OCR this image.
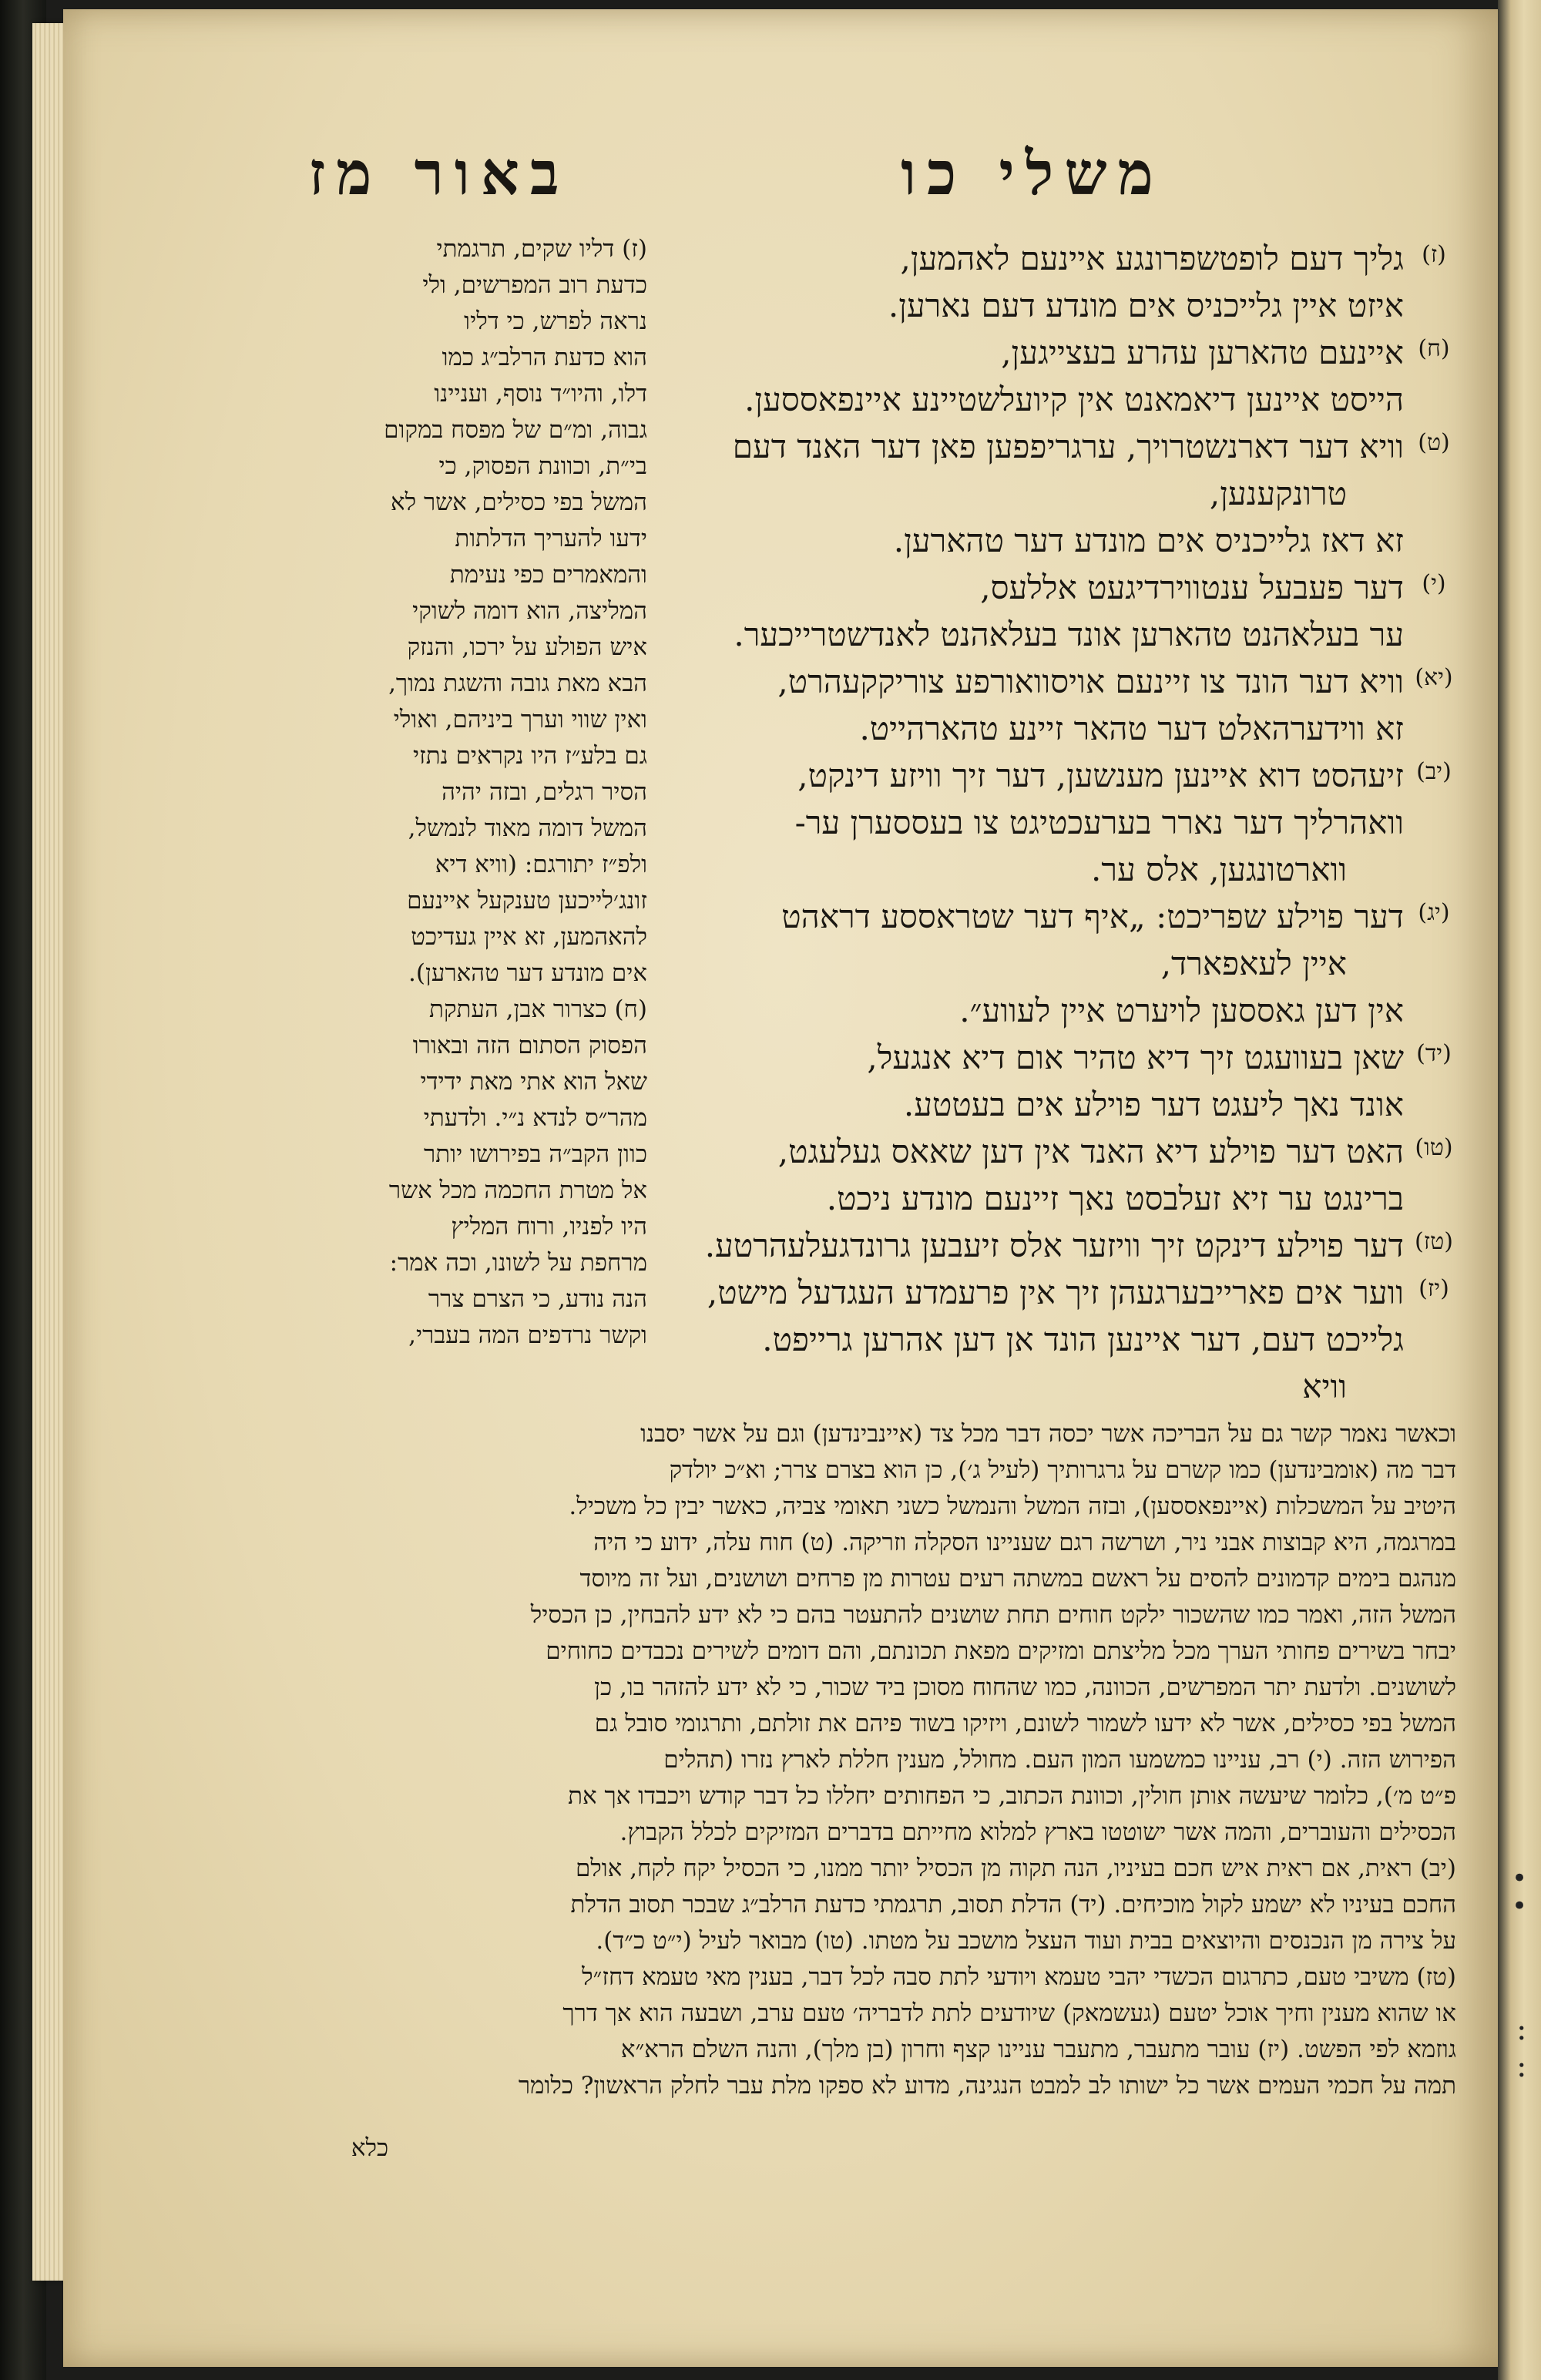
• •
: :
משלי כו
באור מז
(ז)
גליך דעם לופטשפרונגע איינעם לאהמען,
איזט איין גלייכניס אים מונדע דעם נארען.
(ח)
איינעם טהארען עהרע בעצייגען,
הייסט איינען דיאמאנט אין קיועלשטיינע איינפאססען.
(ט)
וויא דער דארנשטרויך, ערגריפפען פאן דער האנד דעם
טרונקענען,
זא דאז גלייכניס אים מונדע דער טהארען.
(י)
דער פעבעל ענטווירדיגעט אללעס,
ער בעלאהנט טהארען אונד בעלאהנט לאנדשטרייכער.
(יא)
וויא דער הונד צו זיינעם אויסוואורפע צוריקקעהרט,
זא ווידערהאלט דער טהאר זיינע טהארהייט.
(יב)
זיעהסט דוא איינען מענשען, דער זיך וויזע דינקט,
וואהרליך דער נארר בערעכטיגט צו בעססערן ער-
ווארטונגען, אלס ער.
(יג)
דער פוילע שפריכט: „איף דער שטראססע דראהט
איין לעאפארד,
אין דען גאססען לויערט איין לעווע״.
(יד)
שאן בעוועגט זיך דיא טהיר אום דיא אנגעל,
אונד נאך ליעגט דער פוילע אים בעטטע.
(טו)
האט דער פוילע דיא האנד אין דען שאאס געלעגט,
ברינגט ער זיא זעלבסט נאך זיינעם מונדע ניכט.
(טז)
דער פוילע דינקט זיך וויזער אלס זיעבען גרונדגעלעהרטע.
(יז)
ווער אים פארייבערגעהן זיך אין פרעמדע העגדעל מישט,
גלייכט דעם, דער איינען הונד אן דען אהרען גרייפט.
וויא
(ז) דליו שקים, תרגמתי
כדעת רוב המפרשים, ולי
נראה לפרש, כי דליו
הוא כדעת הרלב״ג כמו
דלו, והיו״ד נוסף, ועניינו
גבוה, ומ״ם של מפסח במקום
בי״ת, וכוונת הפסוק, כי
המשל בפי כסילים, אשר לא
ידעו להעריך הדלתות
והמאמרים כפי נעימת
המליצה, הוא דומה לשוקי
איש הפולע על ירכו, והנזק
הבא מאת גובה והשגת נמוך,
ואין שווי וערך ביניהם, ואולי
גם בלע״ז היו נקראים נתזי
הסיר רגלים, ובזה יהיה
המשל דומה מאוד לנמשל,
ולפ״ז יתורגם: (וויא דיא
זונג׳לייכען טענקעל איינעם
להאהמען, זא איין געדיכט
אים מונדע דער טהארען).
(ח) כצרור אבן, העתקת
הפסוק הסתום הזה ובאורו
שאל הוא אתי מאת ידידי
מהר״ס לנדא נ״י. ולדעתי
כוון הקב״ה בפירושו יותר
אל מטרת החכמה מכל אשר
היו לפניו, ורוח המליץ
מרחפת על לשונו, וכה אמר:
הנה נודע, כי הצרם צרר
וקשר נרדפים המה בעברי,
וכאשר נאמר קשר גם על הבריכה אשר יכסה דבר מכל צד (איינבינדען) וגם על אשר יסבנו
דבר מה (אומבינדען) כמו קשרם על גרגרותיך (לעיל ג׳), כן הוא בצרם צרר; וא״כ יולדק
היטיב על המשכלות (איינפאססען), ובזה המשל והנמשל כשני תאומי צביה, כאשר יבין כל משכיל.
במרגמה, היא קבוצות אבני ניר, ושרשה רגם שעניינו הסקלה וזריקה. (ט) חוח עלה, ידוע כי היה
מנהגם בימים קדמונים להסים על ראשם במשתה רעים עטרות מן פרחים ושושנים, ועל זה מיוסד
המשל הזה, ואמר כמו שהשכור ילקט חוחים תחת שושנים להתעטר בהם כי לא ידע להבחין, כן הכסיל
יבחר בשירים פחותי הערך מכל מליצתם ומזיקים מפאת תכונתם, והם דומים לשירים נכבדים כחוחים
לשושנים. ולדעת יתר המפרשים, הכוונה, כמו שהחוח מסוכן ביד שכור, כי לא ידע להזהר בו, כן
המשל בפי כסילים, אשר לא ידעו לשמור לשונם, ויזיקו בשוד פיהם את זולתם, ותרגומי סובל גם
הפירוש הזה. (י) רב, עניינו כמשמעו המון העם. מחולל, מענין חללת לארץ נזרו (תהלים
פ״ט מ׳), כלומר שיעשה אותן חולין, וכוונת הכתוב, כי הפחותים יחללו כל דבר קודש ויכבדו אך את
הכסילים והעוברים, והמה אשר ישוטטו בארץ למלוא מחייתם בדברים המזיקים לכלל הקבוץ.
(יב) ראית, אם ראית איש חכם בעיניו, הנה תקוה מן הכסיל יותר ממנו, כי הכסיל יקח לקח, אולם
החכם בעיניו לא ישמע לקול מוכיחים. (יד) הדלת תסוב, תרגמתי כדעת הרלב״ג שבכר תסוב הדלת
על צירה מן הנכנסים והיוצאים בבית ועוד העצל מושכב על מטתו. (טו) מבואר לעיל (י״ט כ״ד).
(טז) משיבי טעם, כתרגום הכשדי יהבי טעמא ויודעי לתת סבה לכל דבר, בענין מאי טעמא דחז״ל
או שהוא מענין וחיך אוכל יטעם (געשמאק) שיודעים לתת לדבריה׳ טעם ערב, ושבעה הוא אך דרך
גוזמא לפי הפשט. (יז) עובר מתעבר, מתעבר עניינו קצף וחרון (בן מלך), והנה השלם הרא״א
תמה על חכמי העמים אשר כל ישותו לב למבט הנגינה, מדוע לא ספקו מלת עבר לחלק הראשון? כלומר
כלא
